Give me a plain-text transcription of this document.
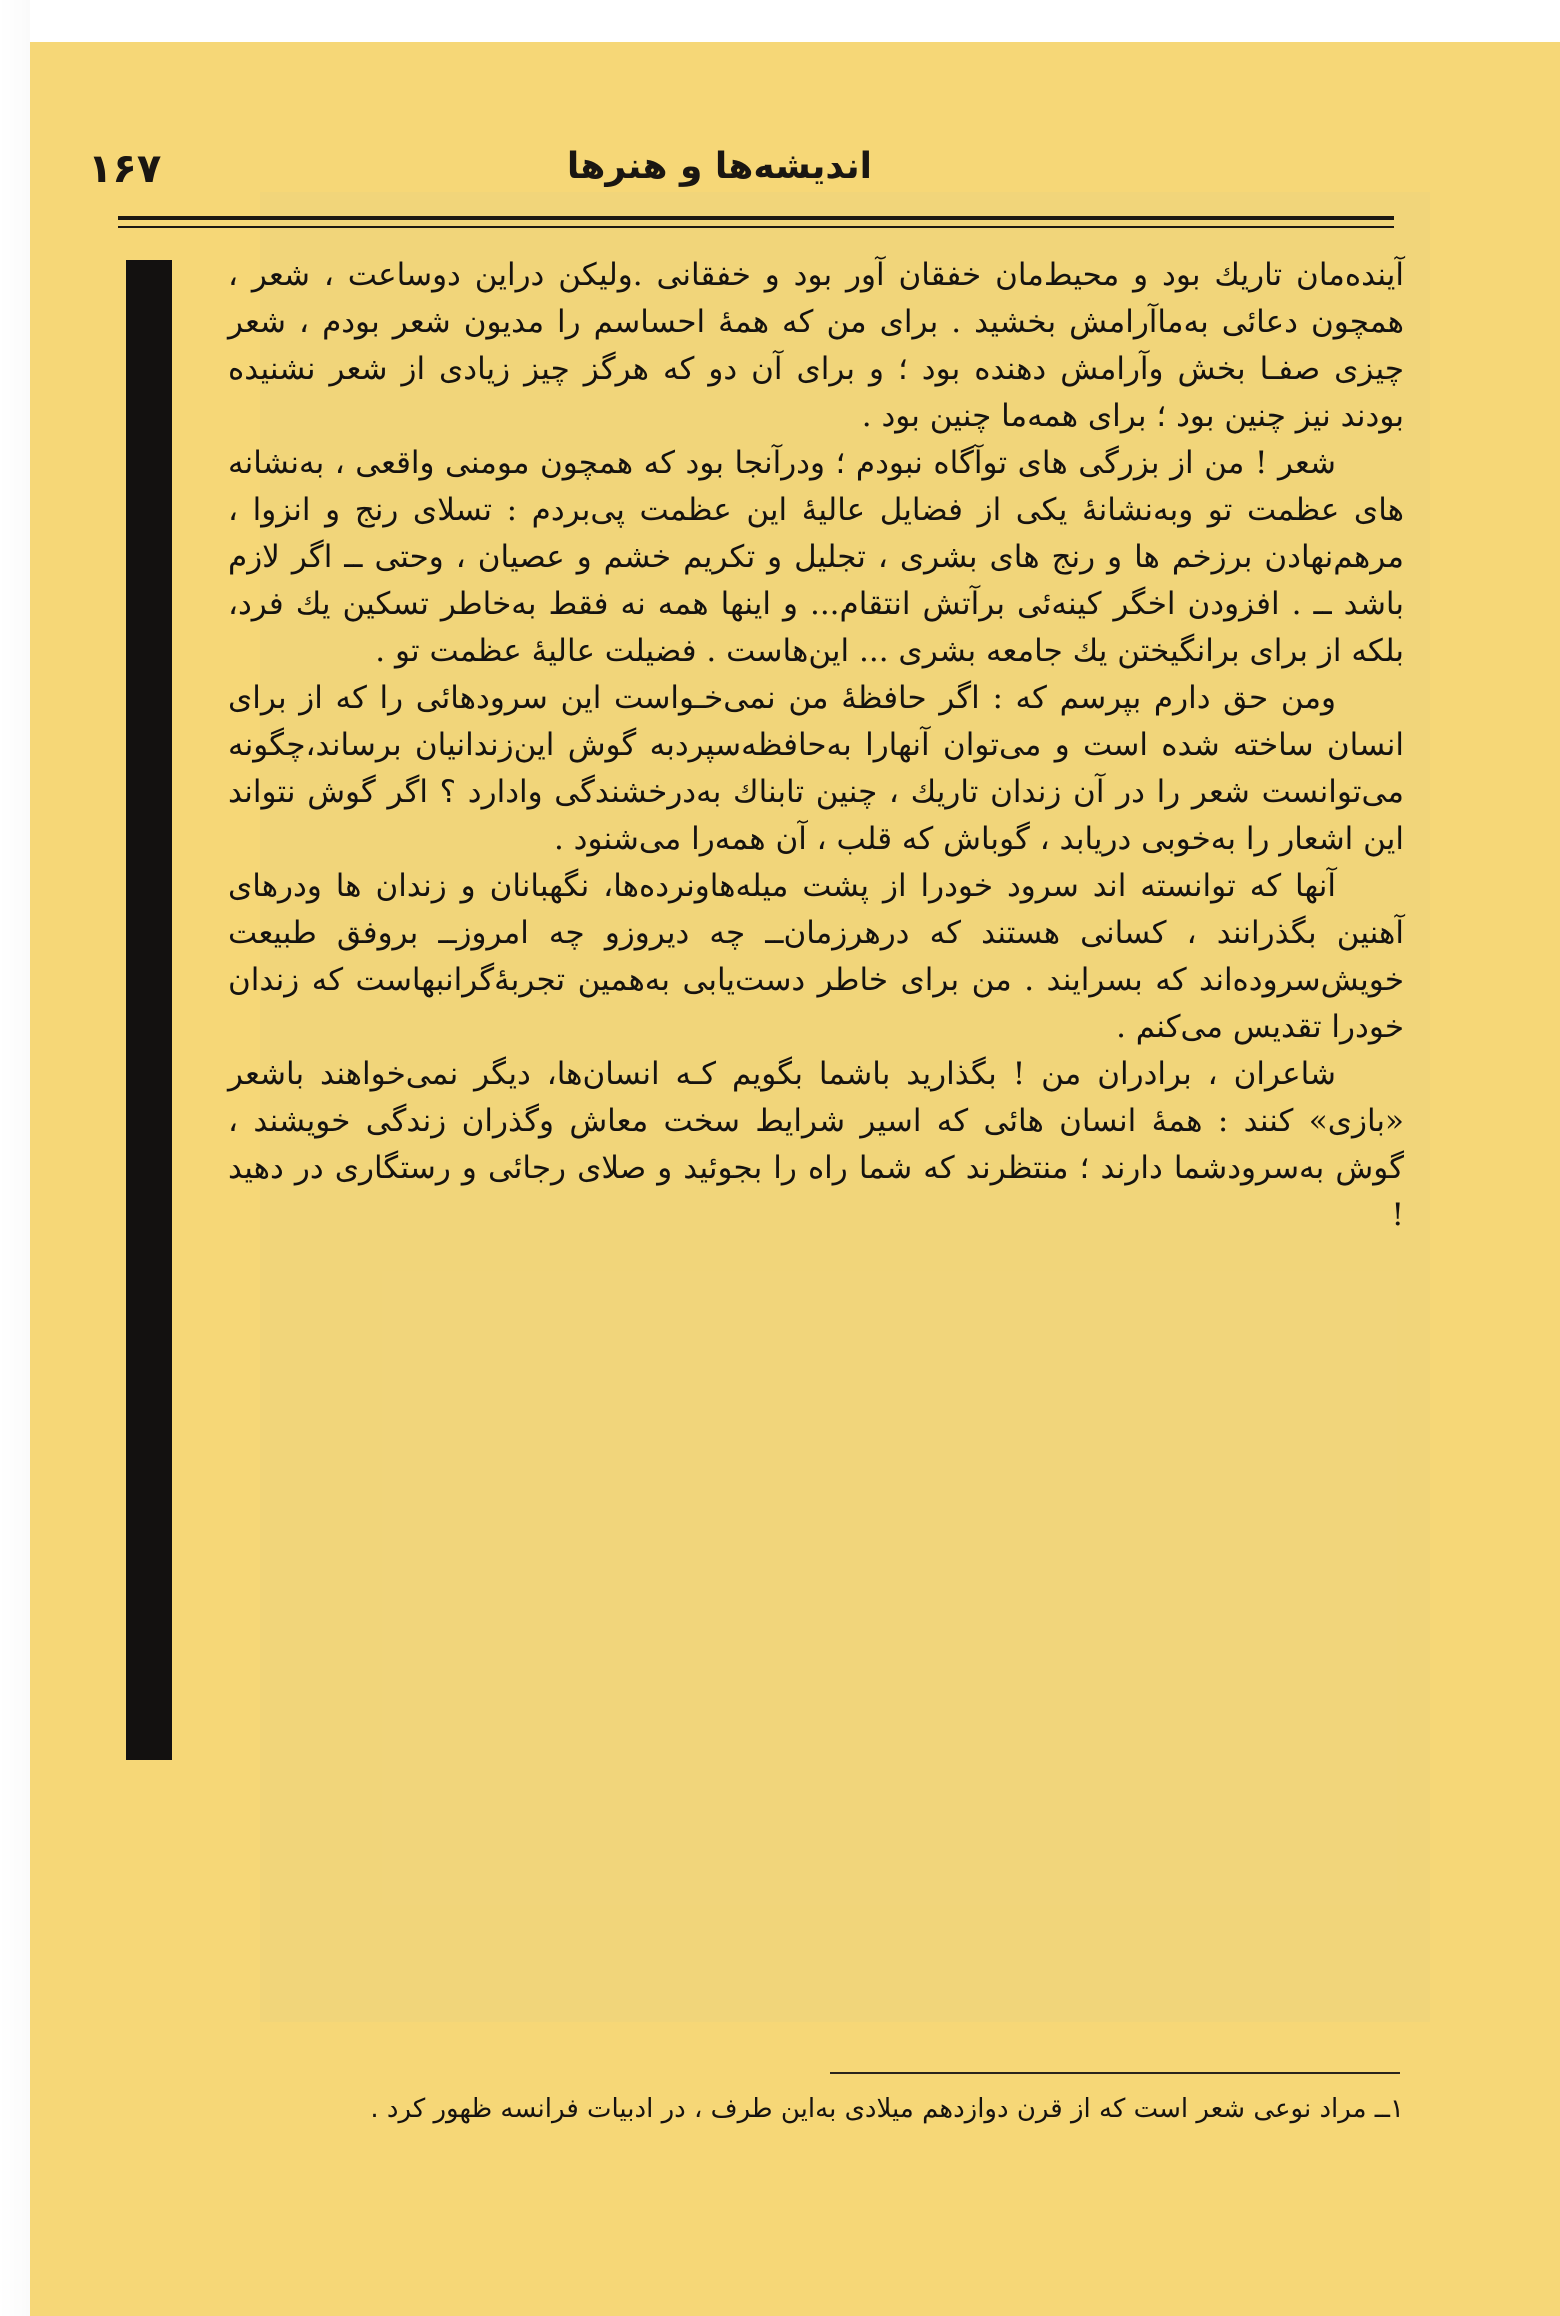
۱۶۷	اندیشه‌ها و هنرها

آینده‌مان تاریك بود و محیط‌مان خفقان آور بود و خفقانی .ولیکن دراین دوساعت ، شعر ، همچون دعائی به‌ماآرامش بخشید . برای من که همهٔ احساسم را مدیون شعر بودم ، شعر چیزی صفـا بخش وآرامش دهنده بود ؛ و برای آن دو که هرگز چیز زیادی از شعر نشنیده بودند نیز چنین بود ؛ برای همه‌ما چنین بود .

شعر ! من از بزرگی های توآگاه نبودم ؛ ودرآنجا بود که همچون مومنی واقعی ، به‌نشانه های عظمت تو وبه‌نشانهٔ یکی از فضایل عالیهٔ این عظمت پی‌بردم : تسلای رنج و انزوا ، مرهم‌نهادن برزخم ها و رنج های بشری ، تجلیل و تکریم خشم و عصیان ، وحتی ــ اگر لازم باشد ــ . افزودن اخگر کینه‌ئی برآتش انتقام... و اینها همه نه فقط به‌خاطر تسکین یك فرد، بلکه از برای برانگیختن یك جامعه بشری ... این‌هاست . فضیلت عالیهٔ عظمت تو .

ومن حق دارم بپرسم که : اگر حافظهٔ من نمی‌خـواست این سرودهائی را که از برای انسان ساخته شده است و می‌توان آنهارا به‌حافظه‌سپردبه گوش این‌زندانیان برساند،چگونه می‌توانست شعر را در آن زندان تاریك ، چنین تابناك به‌درخشندگی وادارد ؟ اگر گوش نتواند این اشعار را به‌خوبی دریابد ، گوباش که قلب ، آن همه‌را می‌شنود .

آنها که توانسته اند سرود خودرا از پشت میله‌هاونرده‌ها، نگهبانان و زندان ها ودرهای آهنین بگذرانند ، کسانی هستند که درهرزمان‌ــ چه دیروزو چه امروز‌ــ بروفق طبیعت خویش‌سروده‌اند که بسرایند . من برای خاطر دست‌یابی به‌همین تجربهٔ‌گرانبهاست که زندان خودرا تقدیس می‌کنم .

شاعران ، برادران من ! بگذارید باشما بگویم کـه انسان‌ها، دیگر نمی‌خواهند باشعر «بازی» کنند : همهٔ انسان هائی که اسیر شرایط سخت معاش وگذران زندگی خویشند ، گوش به‌سرودشما دارند ؛ منتظرند که شما راه را بجوئید و صلای رجائی و رستگاری در دهید !

۱ــ مراد نوعی شعر است که از قرن دوازدهم میلادی به‌این طرف ، در ادبیات فرانسه ظهور کرد .
